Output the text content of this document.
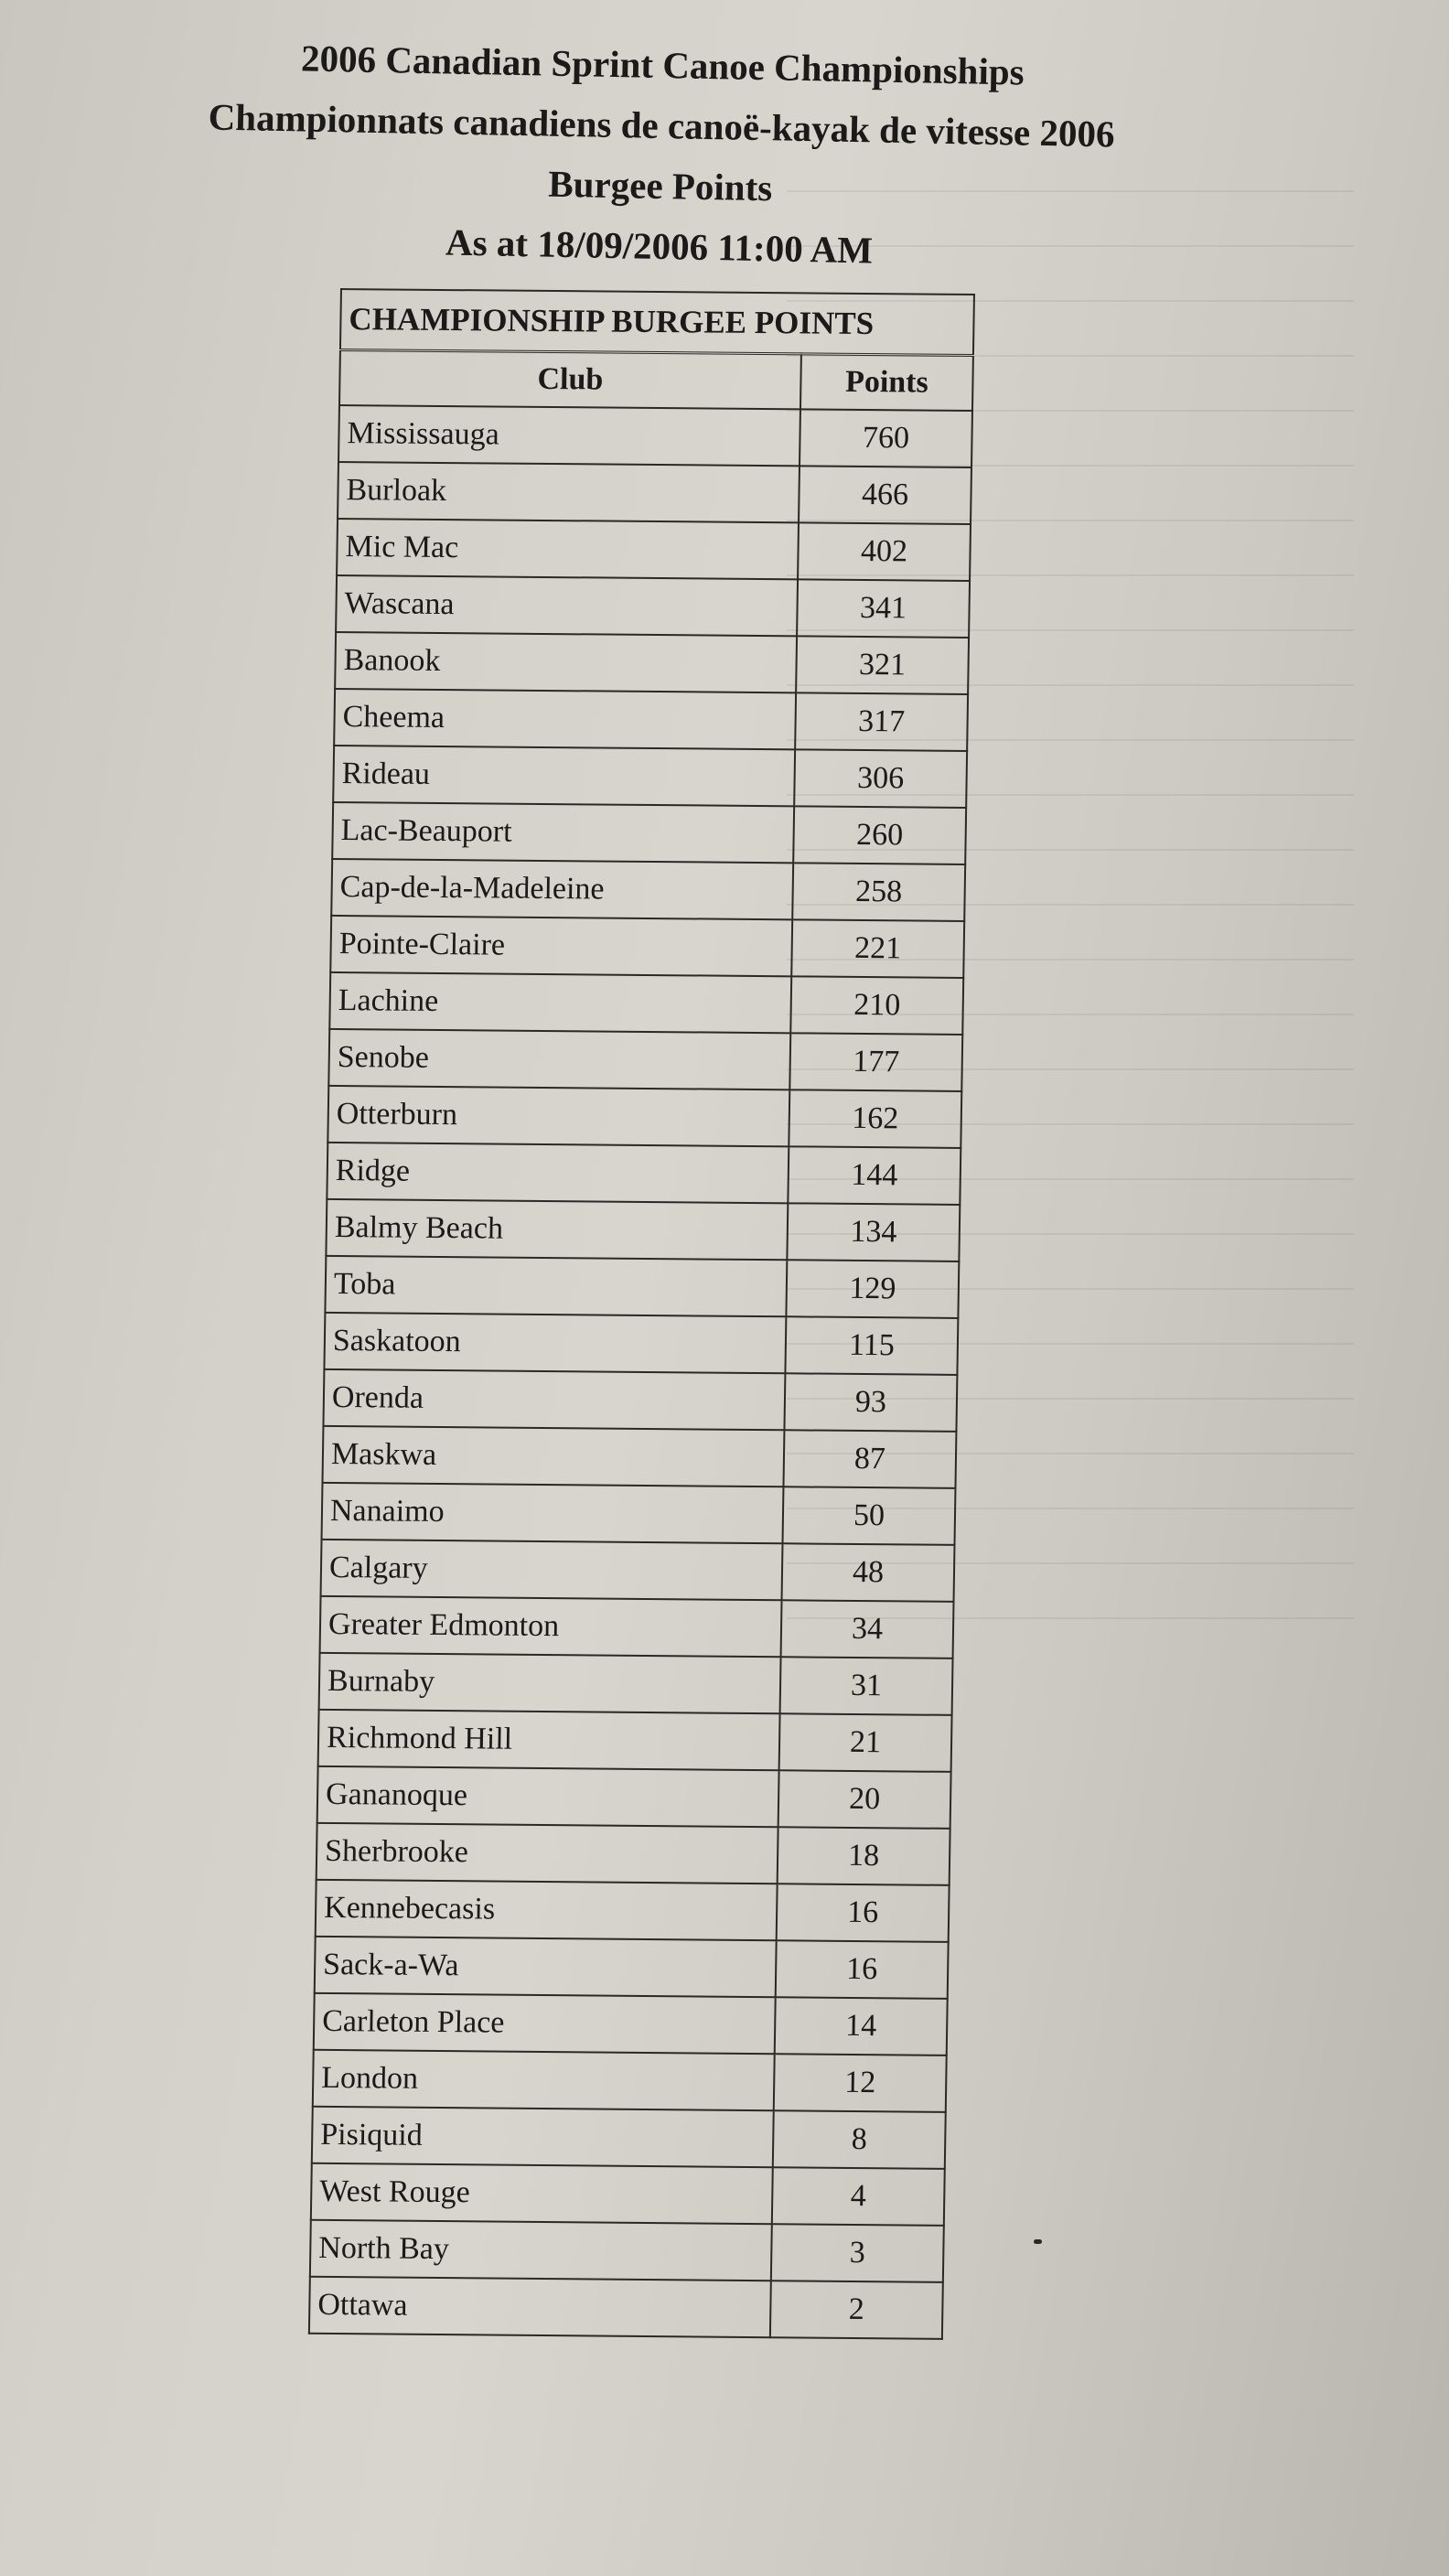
2006 Canadian Sprint Canoe Championships
Championnats canadiens de canoë-kayak de vitesse 2006
Burgee Points
As at 18/09/2006 11:00 AM
CHAMPIONSHIP BURGEE POINTS	
Club	Points
Mississauga	760
Burloak	466
Mic Mac	402
Wascana	341
Banook	321
Cheema	317
Rideau	306
Lac-Beauport	260
Cap-de-la-Madeleine	258
Pointe-Claire	221
Lachine	210
Senobe	177
Otterburn	162
Ridge	144
Balmy Beach	134
Toba	129
Saskatoon	115
Orenda	93
Maskwa	87
Nanaimo	50
Calgary	48
Greater Edmonton	34
Burnaby	31
Richmond Hill	21
Gananoque	20
Sherbrooke	18
Kennebecasis	16
Sack-a-Wa	16
Carleton Place	14
London	12
Pisiquid	8
West Rouge	4
North Bay	3
Ottawa	2
